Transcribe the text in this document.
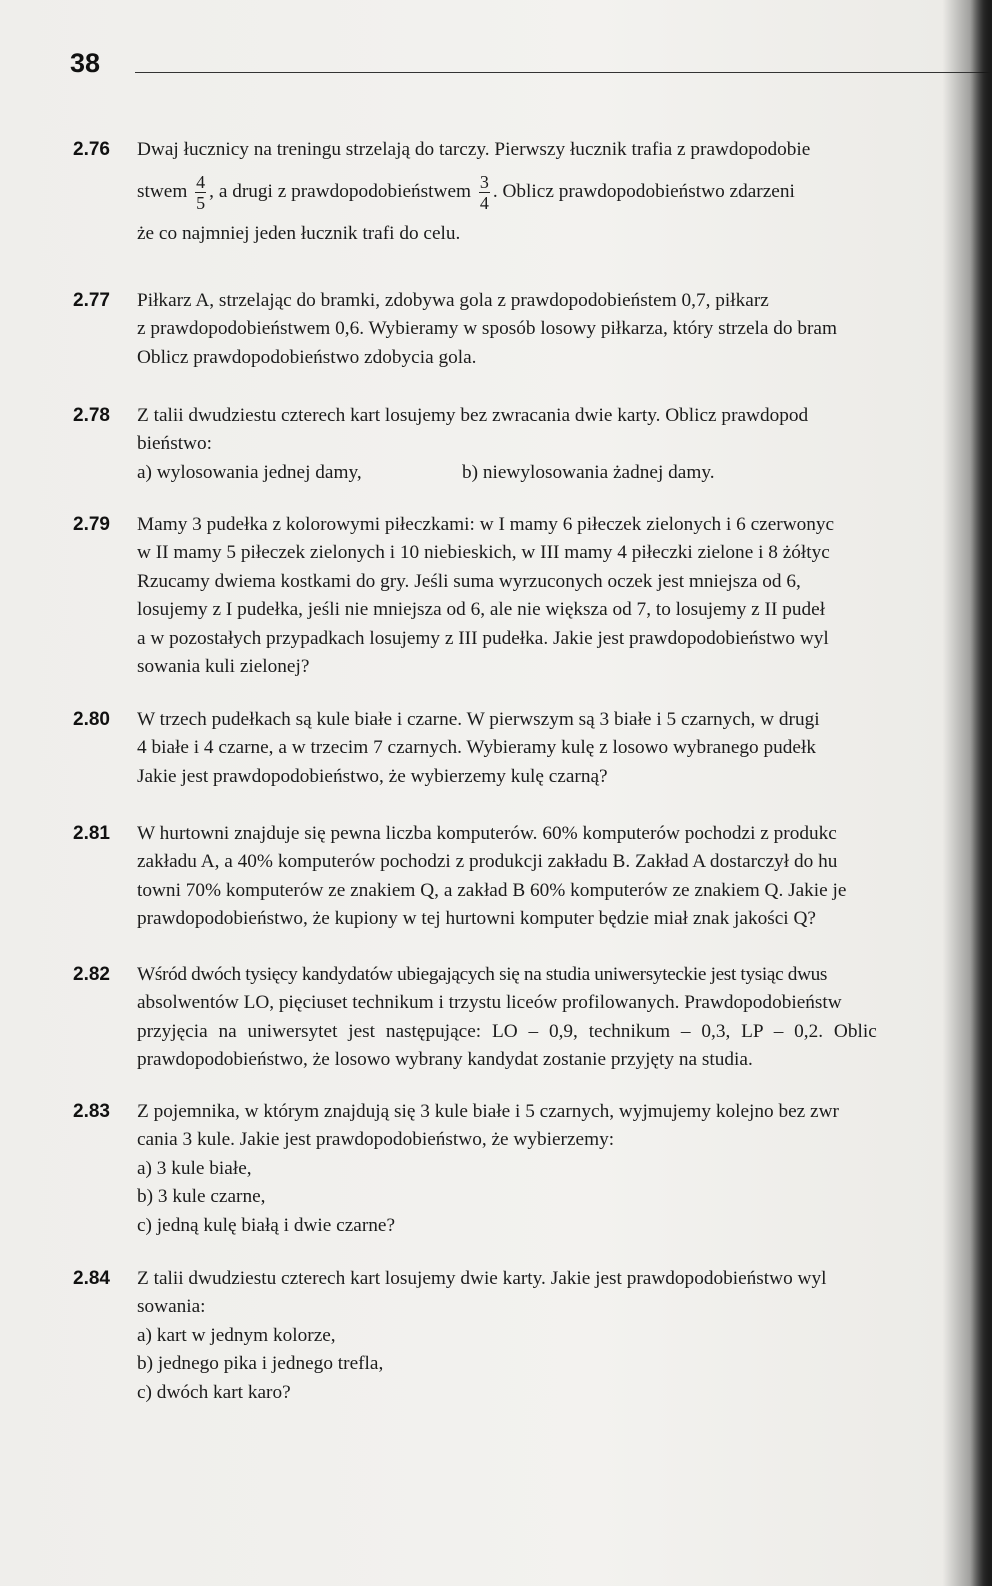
38
2.76 Dwaj łucznicy na treningu strzelają do tarczy. Pierwszy łucznik trafia z prawdopodobie
stwem $\frac{4}{5}$ , a drugi z prawdopodobieństwem $\frac{3}{4}$ . Oblicz prawdopodobieństwo zdarzeni
że co najmniej jeden łucznik trafi do celu.
2.77 Piłkarz A, strzelając do bramki, zdobywa gola z prawdopodobieństem 0,7, piłkarz
z prawdopodobieństwem 0,6. Wybieramy w sposób losowy piłkarza, który strzela do bram
Oblicz prawdopodobieństwo zdobycia gola.
2.78 Z talii dwudziestu czterech kart losujemy bez zwracania dwie karty. Oblicz prawdopod
bieństwo:
a) wylosowania jednej damy,	b) niewylosowania żadnej damy.
2.79 Mamy 3 pudełka z kolorowymi piłeczkami: w I mamy 6 piłeczek zielonych i 6 czerwonyc
w II mamy 5 piłeczek zielonych i 10 niebieskich, w III mamy 4 piłeczki zielone i 8 żółtyc
Rzucamy dwiema kostkami do gry. Jeśli suma wyrzuconych oczek jest mniejsza od 6,
losujemy z I pudełka, jeśli nie mniejsza od 6, ale nie większa od 7, to losujemy z II pudeł
a w pozostałych przypadkach losujemy z III pudełka. Jakie jest prawdopodobieństwo wyl
sowania kuli zielonej?
2.80 W trzech pudełkach są kule białe i czarne. W pierwszym są 3 białe i 5 czarnych, w drugi
4 białe i 4 czarne, a w trzecim 7 czarnych. Wybieramy kulę z losowo wybranego pudełk
Jakie jest prawdopodobieństwo, że wybierzemy kulę czarną?
2.81 W hurtowni znajduje się pewna liczba komputerów. 60% komputerów pochodzi z produkc
zakładu A, a 40% komputerów pochodzi z produkcji zakładu B. Zakład A dostarczył do hu
towni 70% komputerów ze znakiem Q, a zakład B 60% komputerów ze znakiem Q. Jakie je
prawdopodobieństwo, że kupiony w tej hurtowni komputer będzie miał znak jakości Q?
2.82 Wśród dwóch tysięcy kandydatów ubiegających się na studia uniwersyteckie jest tysiąc dwus
absolwentów LO, pięciuset technikum i trzystu liceów profilowanych. Prawdopodobieństw
przyjęcia na uniwersytet jest następujące: LO – 0,9, technikum – 0,3, LP – 0,2. Oblic
prawdopodobieństwo, że losowo wybrany kandydat zostanie przyjęty na studia.
2.83 Z pojemnika, w którym znajdują się 3 kule białe i 5 czarnych, wyjmujemy kolejno bez zwr
cania 3 kule. Jakie jest prawdopodobieństwo, że wybierzemy:
a) 3 kule białe,
b) 3 kule czarne,
c) jedną kulę białą i dwie czarne?
2.84 Z talii dwudziestu czterech kart losujemy dwie karty. Jakie jest prawdopodobieństwo wyl
sowania:
a) kart w jednym kolorze,
b) jednego pika i jednego trefla,
c) dwóch kart karo?
